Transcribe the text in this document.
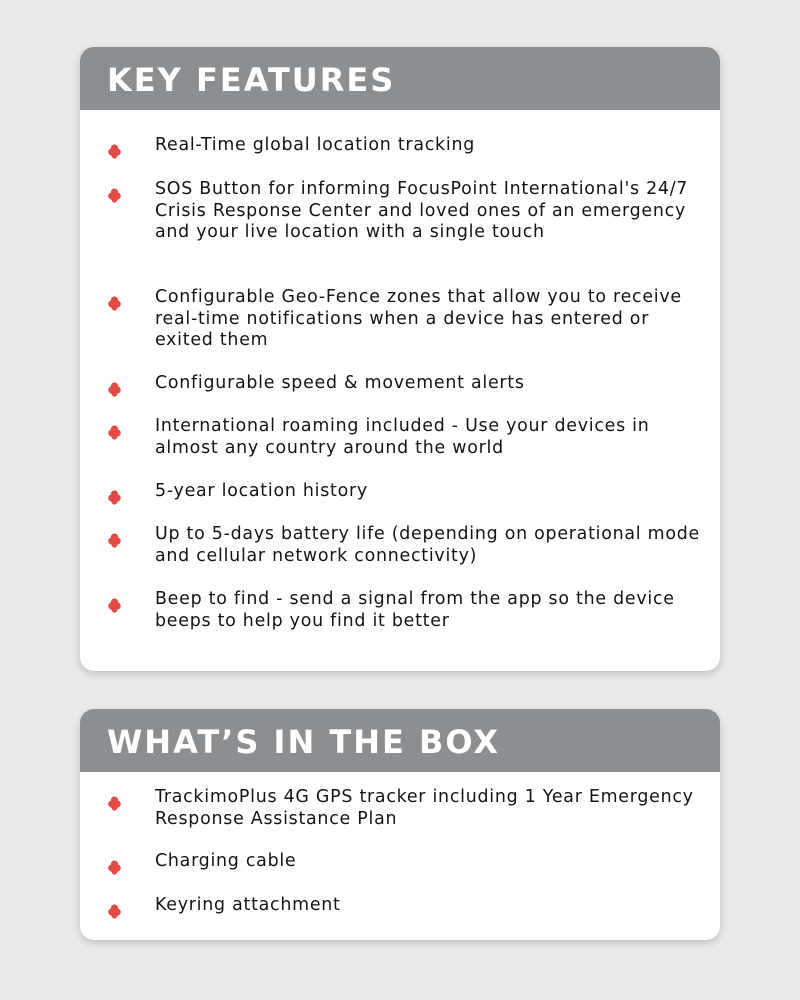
KEY FEATURES
Real-Time global location tracking
SOS Button for informing FocusPoint International's 24/7 Crisis Response Center and loved ones of an emergency and your live location with a single touch
Configurable Geo-Fence zones that allow you to receive real-time notifications when a device has entered or exited them
Configurable speed & movement alerts
International roaming included - Use your devices in almost any country around the world
5-year location history
Up to 5-days battery life (depending on operational mode and cellular network connectivity)
Beep to find - send a signal from the app so the device beeps to help you find it better
WHAT’S IN THE BOX
TrackimoPlus 4G GPS tracker including 1 Year Emergency Response Assistance Plan
Charging cable
Keyring attachment
